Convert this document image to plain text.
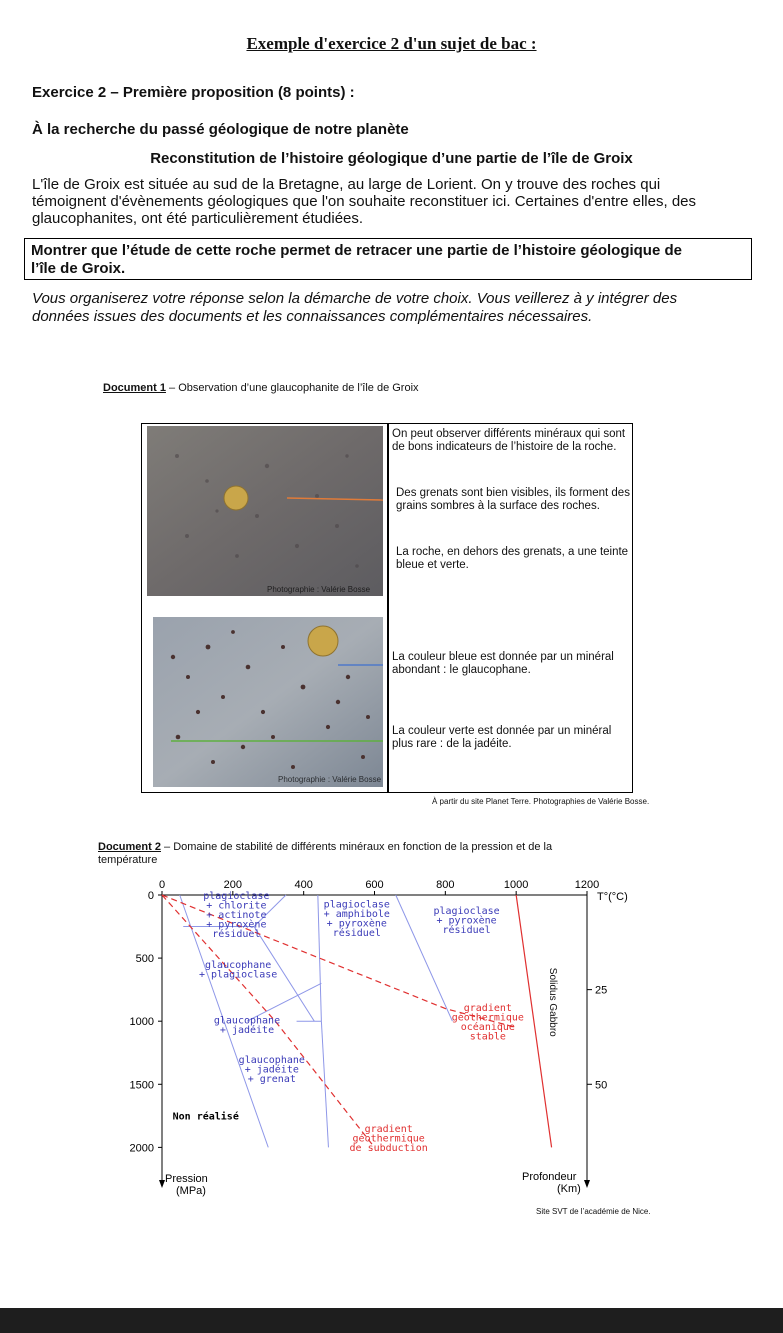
Exemple d'exercice 2 d'un sujet de bac :
Exercice 2 – Première proposition (8 points) :
À la recherche du passé géologique de notre planète
Reconstitution de l’histoire géologique d’une partie de l’île de Groix
L'île de Groix est située au sud de la Bretagne, au large de Lorient. On y trouve des roches qui
témoignent d'évènements géologiques que l'on souhaite reconstituer ici. Certaines d'entre elles, des
glaucophanites, ont été particulièrement étudiées.
Montrer que l’étude de cette roche permet de retracer une partie de l’histoire géologique de
l’île de Groix.
Vous organiserez votre réponse selon la démarche de votre choix. Vous veillerez à y intégrer des
données issues des documents et les connaissances complémentaires nécessaires.
Document 1 – Observation d’une glaucophanite de l’île de Groix
Photographie : Valérie Bosse
Photographie : Valérie Bosse
On peut observer différents minéraux qui sont de bons indicateurs de l’histoire de la roche.
Des grenats sont bien visibles, ils forment des grains sombres à la surface des roches.
La roche, en dehors des grenats, a une teinte bleue et verte.
La couleur bleue est donnée par un minéral abondant : le glaucophane.
La couleur verte est donnée par un minéral plus rare : de la jadéite.
À partir du site Planet Terre. Photographies de Valérie Bosse.
Document 2 – Domaine de stabilité de différents minéraux en fonction de la pression et de la
température
0	200	400	600	800	1000	1200
T°(°C)
0
500
1000
1500
2000
25
50
plagioclase
+ chlorite
+ actinote
+ pyroxène
résiduel
plagioclase
+ amphibole
+ pyroxène
résiduel
plagioclase
+ pyroxène
résiduel
glaucophane
+ plagioclase
glaucophane
+ jadéite
glaucophane
+ jadéite
+ grenat
Non réalisé
gradient
géothermique
océanique
stable
gradient
géothermique
de subduction
Solidus Gabbro
Pression
(MPa)
Profondeur
(Km)
Site SVT de l’académie de Nice.
